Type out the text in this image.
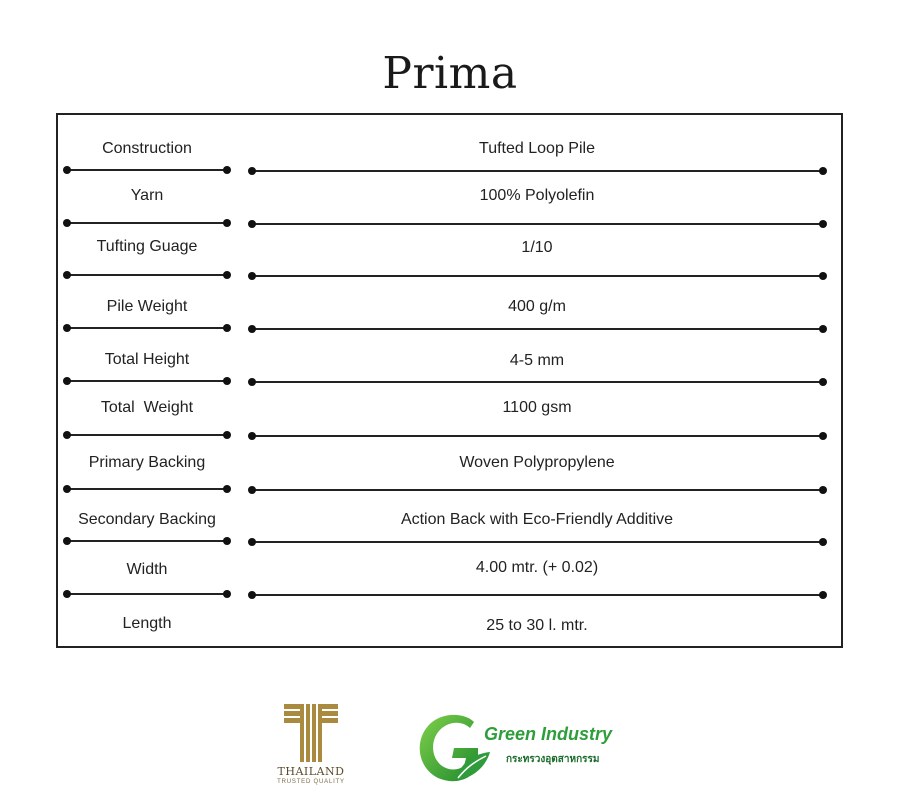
Prima
Construction	Tufted Loop Pile
Yarn	100% Polyolefin
Tufting Guage	1/10
Pile Weight	400 g/m
Total Height	4-5 mm
Total  Weight	1100 gsm
Primary Backing	Woven Polypropylene
Secondary Backing	Action Back with Eco-Friendly Additive
Width	4.00 mtr. (+ 0.02)
Length	25 to 30 l. mtr.
THAILAND
TRUSTED QUALITY
Green Industry
กระทรวงอุตสาหกรรม
